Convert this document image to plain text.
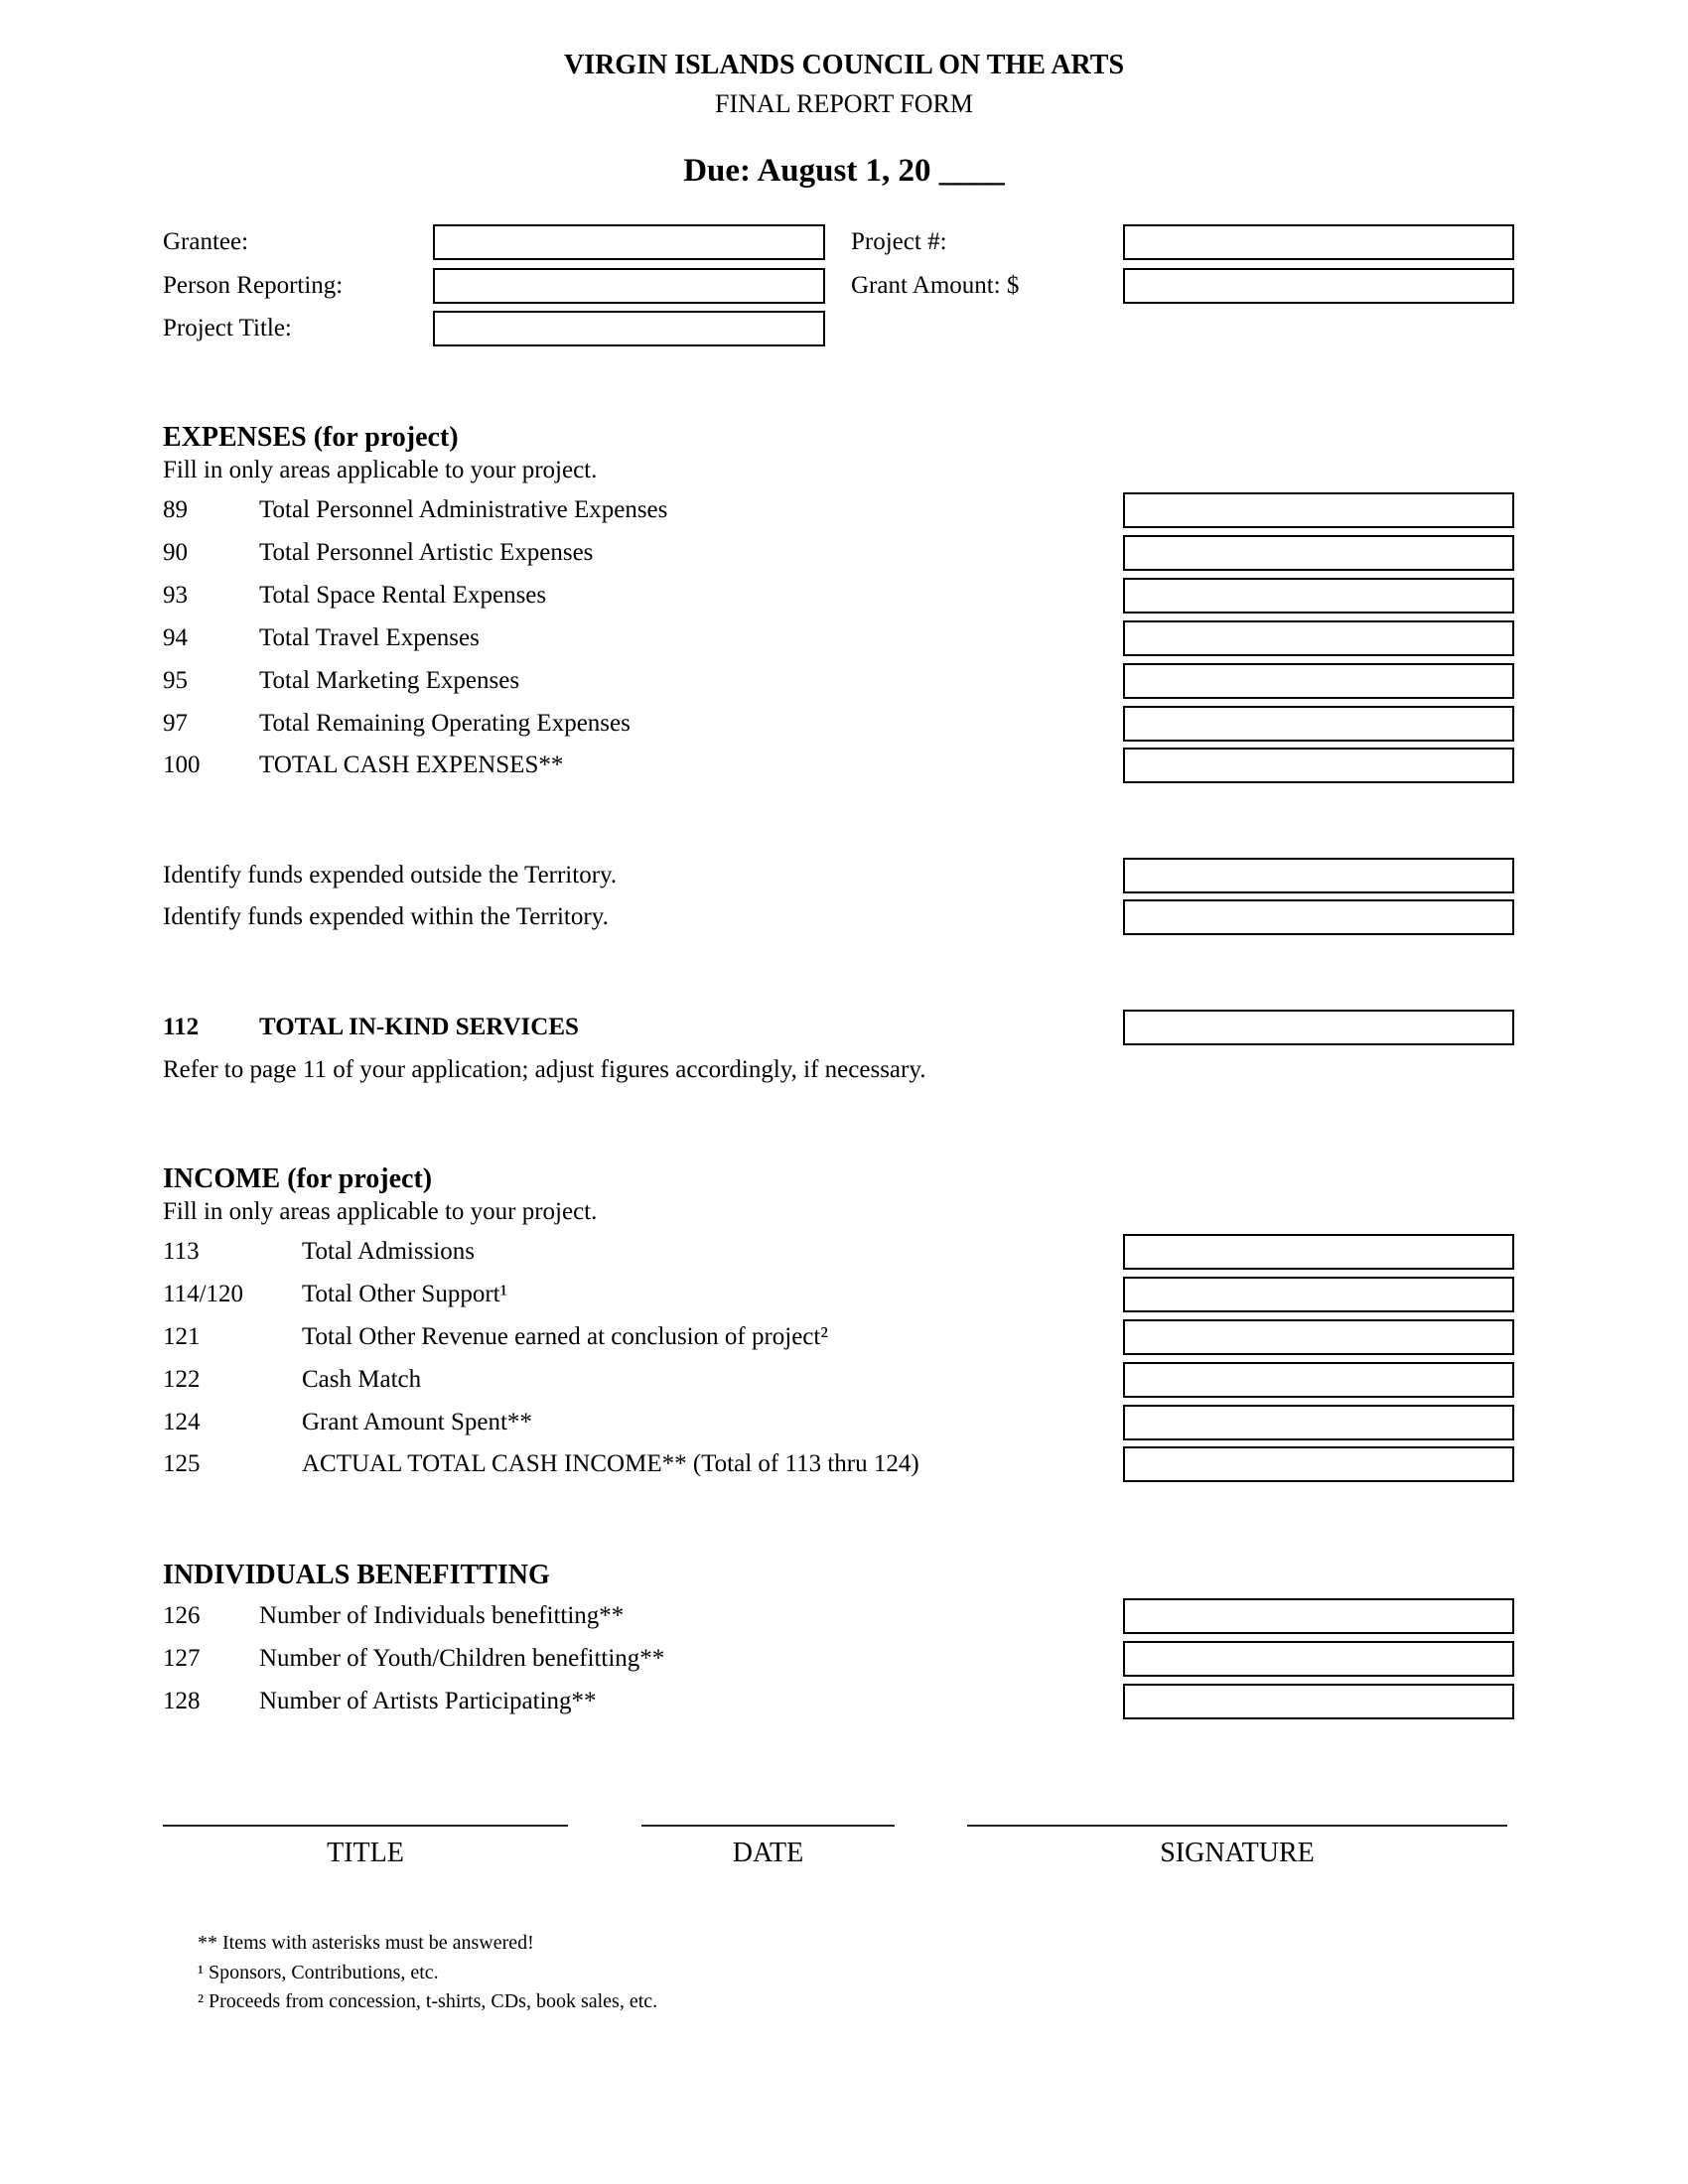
VIRGIN ISLANDS COUNCIL ON THE ARTS
FINAL REPORT FORM
Due: August 1, 20 ____
Grantee:	Project #:
Person Reporting:	Grant Amount: $
Project Title:
EXPENSES (for project)
Fill in only areas applicable to your project.
89	Total Personnel Administrative Expenses
90	Total Personnel Artistic Expenses
93	Total Space Rental Expenses
94	Total Travel Expenses
95	Total Marketing Expenses
97	Total Remaining Operating Expenses
100 TOTAL CASH EXPENSES**
Identify funds expended outside the Territory.
Identify funds expended within the Territory.
112 TOTAL IN-KIND SERVICES
Refer to page 11 of your application; adjust figures accordingly, if necessary.
INCOME (for project)
Fill in only areas applicable to your project.
113	Total Admissions
114/120 Total Other Support¹
121	Total Other Revenue earned at conclusion of project²
122	Cash Match
124	Grant Amount Spent**
125	ACTUAL TOTAL CASH INCOME** (Total of 113 thru 124)
INDIVIDUALS BENEFITTING
126 Number of Individuals benefitting**
127 Number of Youth/Children benefitting**
128 Number of Artists Participating**
TITLE	DATE	SIGNATURE
** Items with asterisks must be answered!
¹ Sponsors, Contributions, etc.
² Proceeds from concession, t-shirts, CDs, book sales, etc.
